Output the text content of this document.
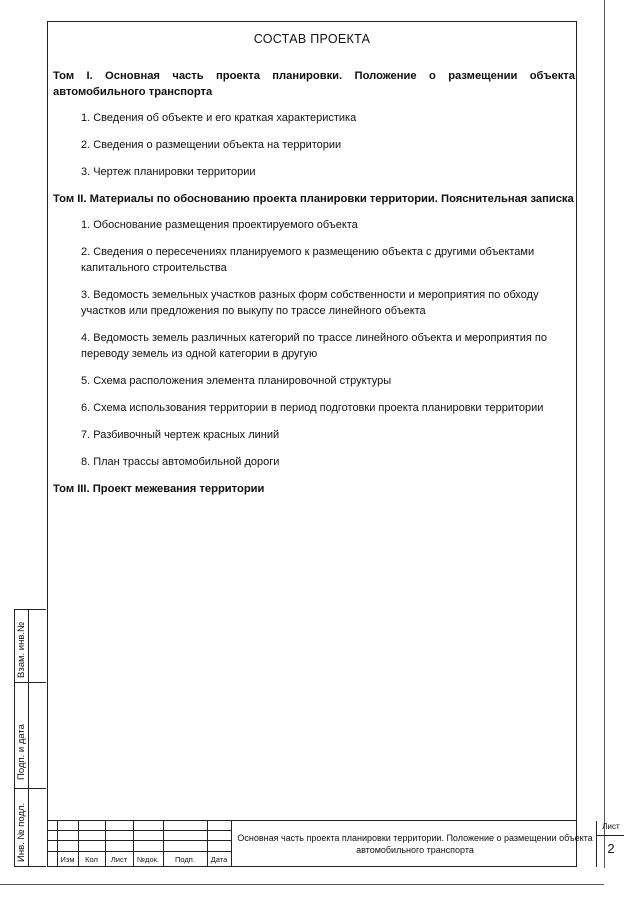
СОСТАВ ПРОЕКТА
Том I. Основная часть проекта планировки. Положение о размещении объекта автомобильного транспорта
1. Сведения об объекте и его краткая характеристика
2. Сведения о размещении объекта на территории
3. Чертеж планировки территории
Том II. Материалы по обоснованию проекта планировки территории. Пояснительная записка
1. Обоснование размещения проектируемого объекта
2. Сведения о пересечениях планируемого к размещению объекта с другими объектами капитального строительства
3. Ведомость земельных участков разных форм собственности и мероприятия по обходу участков или предложения по выкупу по трассе линейного объекта
4. Ведомость земель различных категорий по трассе линейного объекта и мероприятия по переводу земель из одной категории в другую
5. Схема расположения элемента планировочной структуры
6. Схема использования территории в период подготовки проекта планировки территории
7. Разбивочный чертеж красных линий
8. План трассы автомобильной дороги
Том III. Проект межевания территории
Взам. инв.№
Подп. и дата
Инв. № подл.	Изм	Кол	Лист	№док.	Подп.	Дата
Основная часть проекта планировки территории. Положение о размещении объекта автомобильного транспорта
Лист
2
